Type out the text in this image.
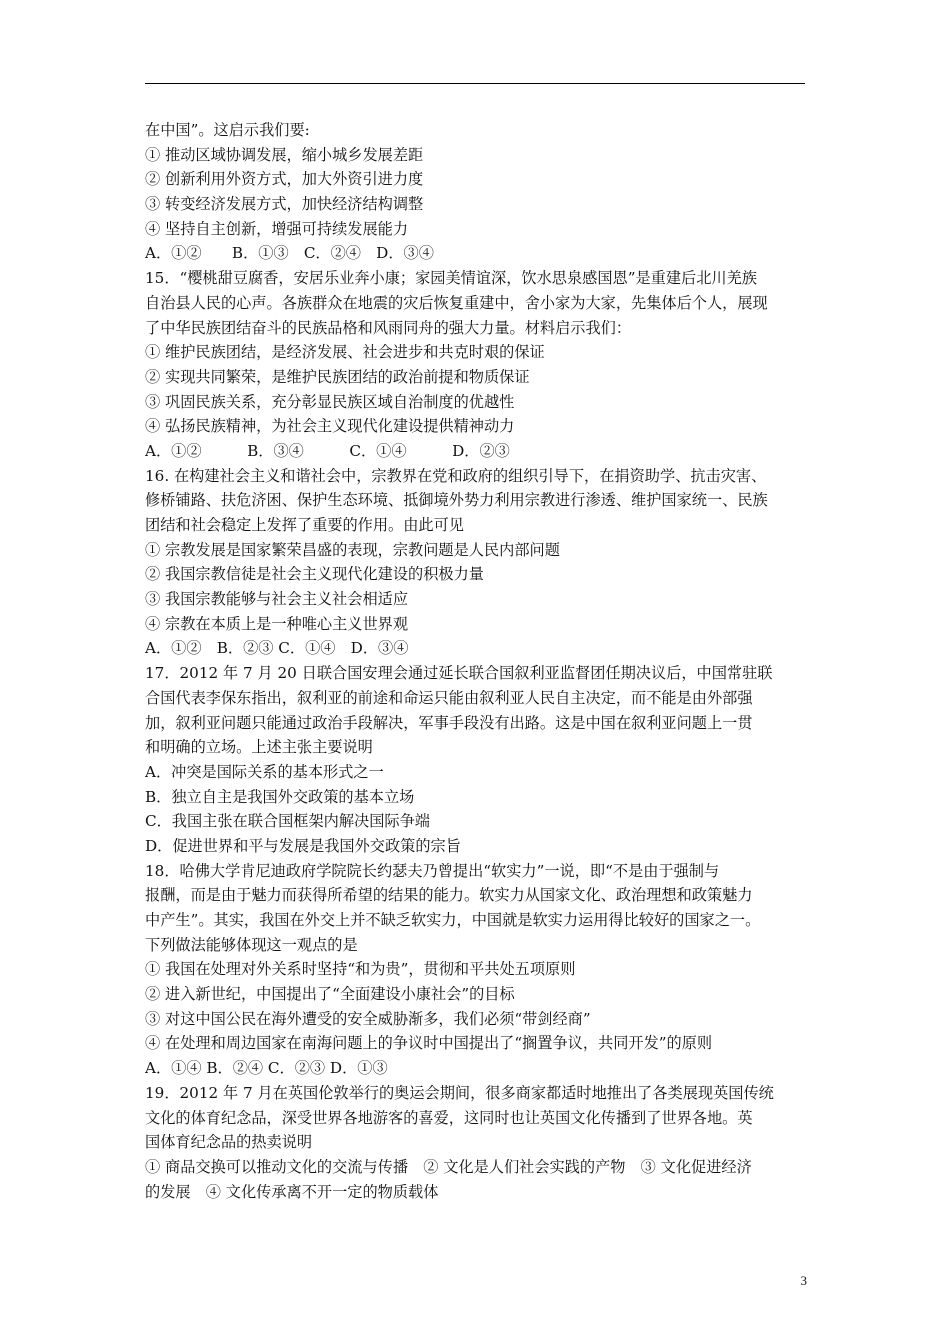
在中国”。这启示我们要:
① 推动区域协调发展，缩小城乡发展差距
② 创新利用外资方式，加大外资引进力度
③ 转变经济发展方式，加快经济结构调整
④ 坚持自主创新，增强可持续发展能力
A．①②　　B．①③　C．②④　D．③④
15．“樱桃甜豆腐香，安居乐业奔小康；家园美情谊深，饮水思泉感国恩”是重建后北川羌族
自治县人民的心声。各族群众在地震的灾后恢复重建中，舍小家为大家，先集体后个人，展现
了中华民族团结奋斗的民族品格和风雨同舟的强大力量。材料启示我们：
① 维护民族团结，是经济发展、社会进步和共克时艰的保证
② 实现共同繁荣，是维护民族团结的政治前提和物质保证
③ 巩固民族关系，充分彰显民族区域自治制度的优越性
④ 弘扬民族精神，为社会主义现代化建设提供精神动力
A．①②　　　B．③④　　　C．①④　　　D．②③
16. 在构建社会主义和谐社会中，宗教界在党和政府的组织引导下，在捐资助学、抗击灾害、
修桥铺路、扶危济困、保护生态环境、抵御境外势力利用宗教进行渗透、维护国家统一、民族
团结和社会稳定上发挥了重要的作用。由此可见
① 宗教发展是国家繁荣昌盛的表现，宗教问题是人民内部问题
② 我国宗教信徒是社会主义现代化建设的积极力量
③ 我国宗教能够与社会主义社会相适应
④ 宗教在本质上是一种唯心主义世界观
A．①②　B．②③ C．①④　D．③④
17．2012 年 7 月 20 日联合国安理会通过延长联合国叙利亚监督团任期决议后，中国常驻联
合国代表李保东指出，叙利亚的前途和命运只能由叙利亚人民自主决定，而不能是由外部强
加，叙利亚问题只能通过政治手段解决，军事手段没有出路。这是中国在叙利亚问题上一贯
和明确的立场。上述主张主要说明
A．冲突是国际关系的基本形式之一
B．独立自主是我国外交政策的基本立场
C．我国主张在联合国框架内解决国际争端
D．促进世界和平与发展是我国外交政策的宗旨
18．哈佛大学肯尼迪政府学院院长约瑟夫乃曾提出“软实力”一说，即“不是由于强制与
报酬，而是由于魅力而获得所希望的结果的能力。软实力从国家文化、政治理想和政策魅力
中产生”。其实，我国在外交上并不缺乏软实力，中国就是软实力运用得比较好的国家之一。
下列做法能够体现这一观点的是
① 我国在处理对外关系时坚持“和为贵”，贯彻和平共处五项原则
② 进入新世纪，中国提出了“全面建设小康社会”的目标
③ 对这中国公民在海外遭受的安全威胁渐多，我们必须“带剑经商”
④ 在处理和周边国家在南海问题上的争议时中国提出了“搁置争议，共同开发”的原则
A．①④ B．②④ C．②③ D．①③
19．2012 年 7 月在英国伦敦举行的奥运会期间，很多商家都适时地推出了各类展现英国传统
文化的体育纪念品，深受世界各地游客的喜爱，这同时也让英国文化传播到了世界各地。英
国体育纪念品的热卖说明
① 商品交换可以推动文化的交流与传播　② 文化是人们社会实践的产物　③ 文化促进经济
的发展　④ 文化传承离不开一定的物质载体
3
